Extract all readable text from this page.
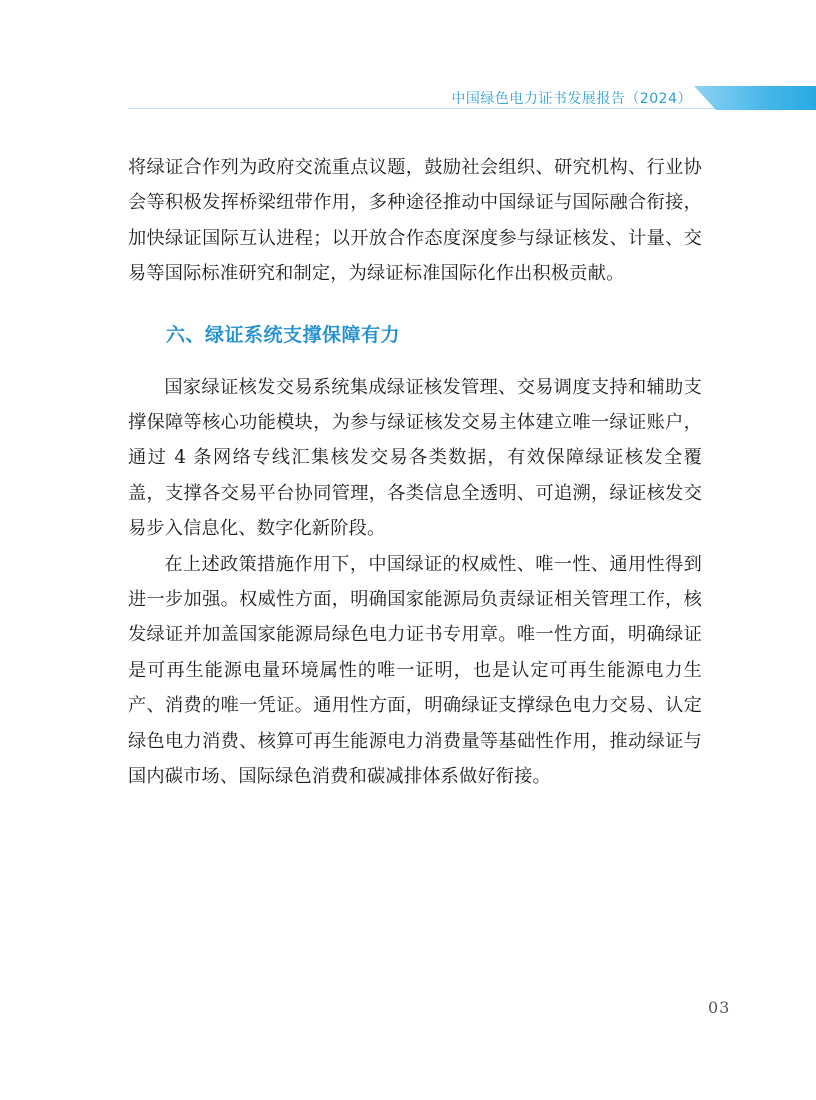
中国绿色电力证书发展报告（2024）

将绿证合作列为政府交流重点议题，鼓励社会组织、研究机构、行业协会等积极发挥桥梁纽带作用，多种途径推动中国绿证与国际融合衔接，加快绿证国际互认进程；以开放合作态度深度参与绿证核发、计量、交易等国际标准研究和制定，为绿证标准国际化作出积极贡献。

六、绿证系统支撑保障有力

国家绿证核发交易系统集成绿证核发管理、交易调度支持和辅助支撑保障等核心功能模块，为参与绿证核发交易主体建立唯一绿证账户，通过 4 条网络专线汇集核发交易各类数据，有效保障绿证核发全覆盖，支撑各交易平台协同管理，各类信息全透明、可追溯，绿证核发交易步入信息化、数字化新阶段。

在上述政策措施作用下，中国绿证的权威性、唯一性、通用性得到进一步加强。权威性方面，明确国家能源局负责绿证相关管理工作，核发绿证并加盖国家能源局绿色电力证书专用章。唯一性方面，明确绿证是可再生能源电量环境属性的唯一证明，也是认定可再生能源电力生产、消费的唯一凭证。通用性方面，明确绿证支撑绿色电力交易、认定绿色电力消费、核算可再生能源电力消费量等基础性作用，推动绿证与国内碳市场、国际绿色消费和碳减排体系做好衔接。

03
